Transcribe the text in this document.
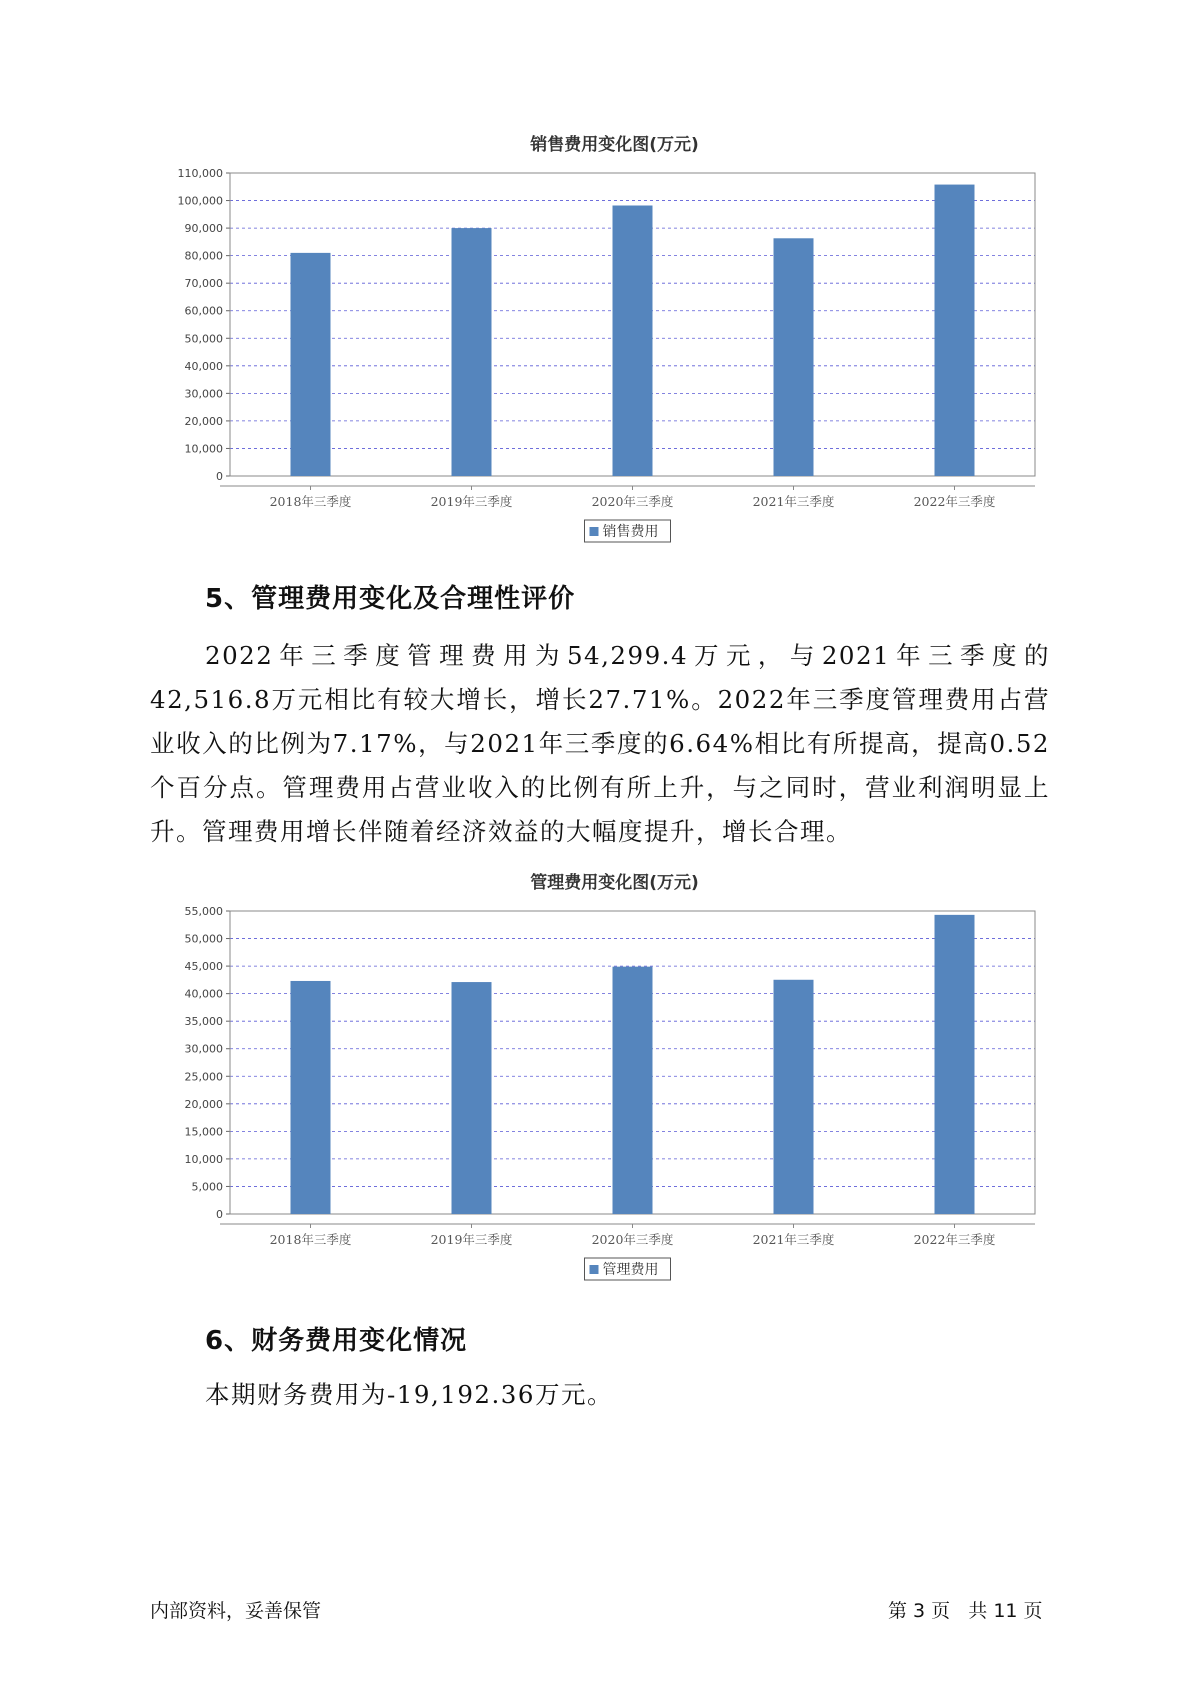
销售费用变化图(万元)
0
10,000
20,000
30,000
40,000
50,000
60,000
70,000
80,000
90,000
100,000
110,000
2018年三季度	2019年三季度	2020年三季度	2021年三季度	2022年三季度
销售费用
5、管理费用变化及合理性评价

2022年三季度管理费用为54,299.4万元，与2021年三季度的42,516.8万元相比有较大增长，增长27.71%。2022年三季度管理费用占营业收入的比例为7.17%，与2021年三季度的6.64%相比有所提高，提高0.52个百分点。管理费用占营业收入的比例有所上升，与之同时，营业利润明显上升。管理费用增长伴随着经济效益的大幅度提升，增长合理。

管理费用变化图(万元)
0
5,000
10,000
15,000
20,000
25,000
30,000
35,000
40,000
45,000
50,000
55,000
2018年三季度	2019年三季度	2020年三季度	2021年三季度	2022年三季度
管理费用
6、财务费用变化情况

本期财务费用为-19,192.36万元。

内部资料，妥善保管	第 3 页   共 11 页
